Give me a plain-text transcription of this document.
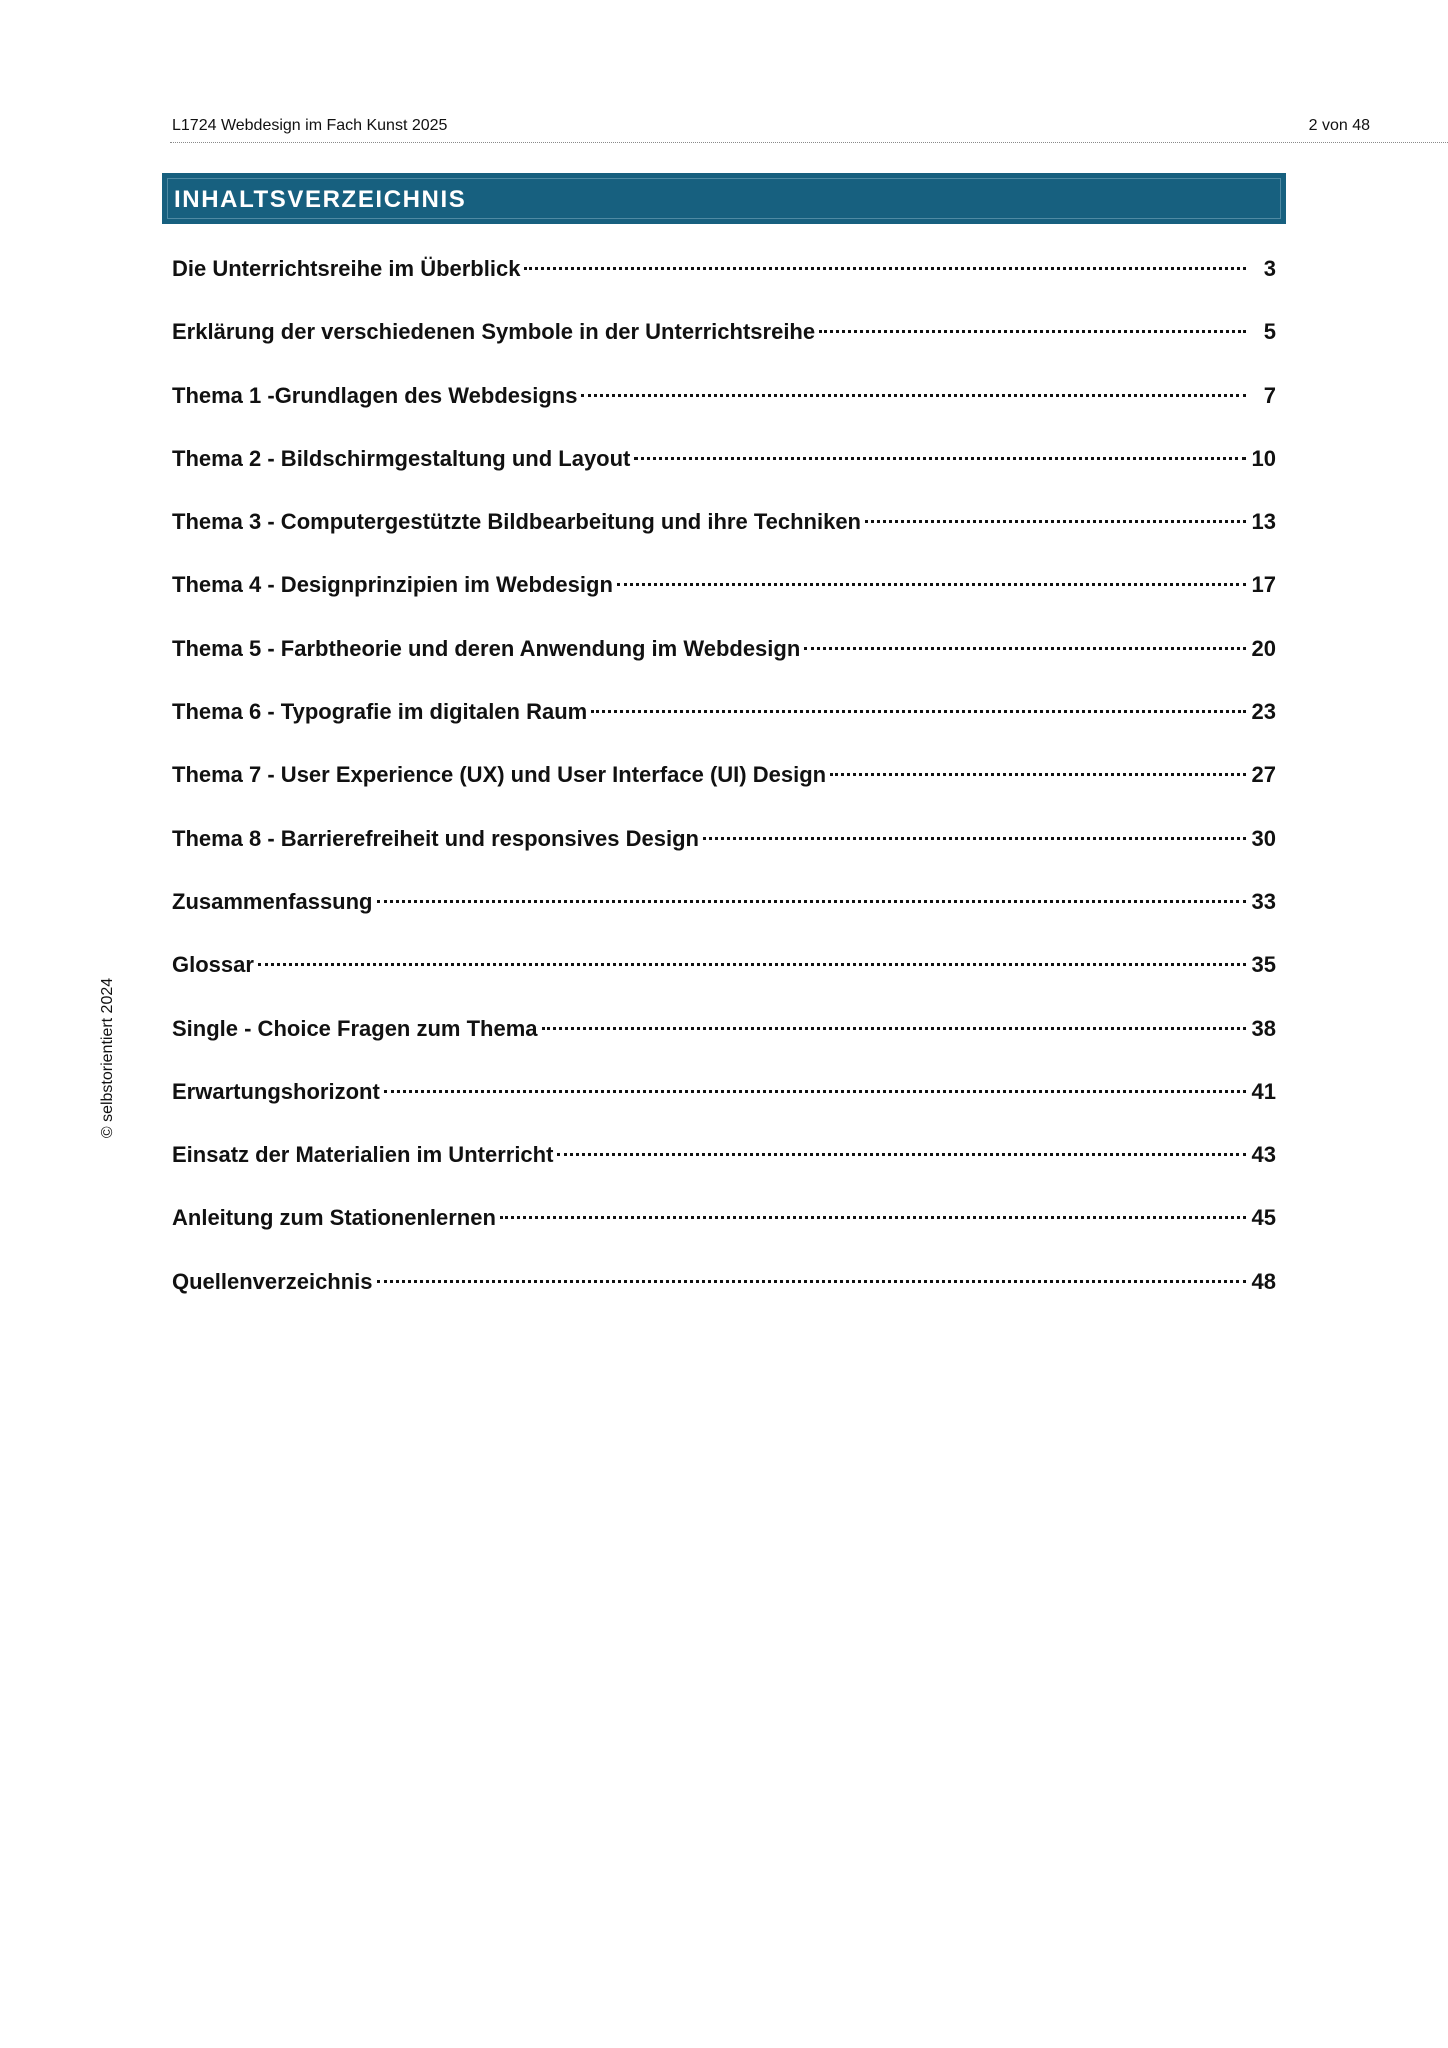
L1724 Webdesign im Fach Kunst 2025	2 von 48
© selbstorientiert 2024
INHALTSVERZEICHNIS
Die Unterrichtsreihe im Überblick	3
Erklärung der verschiedenen Symbole in der Unterrichtsreihe	5
Thema 1 -Grundlagen des Webdesigns	7
Thema 2 - Bildschirmgestaltung und Layout	10
Thema 3 - Computergestützte Bildbearbeitung und ihre Techniken	13
Thema 4 - Designprinzipien im Webdesign	17
Thema 5 - Farbtheorie und deren Anwendung im Webdesign	20
Thema 6 - Typografie im digitalen Raum	23
Thema 7 - User Experience (UX) und User Interface (UI) Design	27
Thema 8 - Barrierefreiheit und responsives Design	30
Zusammenfassung	33
Glossar	35
Single - Choice Fragen zum Thema	38
Erwartungshorizont	41
Einsatz der Materialien im Unterricht	43
Anleitung zum Stationenlernen	45
Quellenverzeichnis	48
